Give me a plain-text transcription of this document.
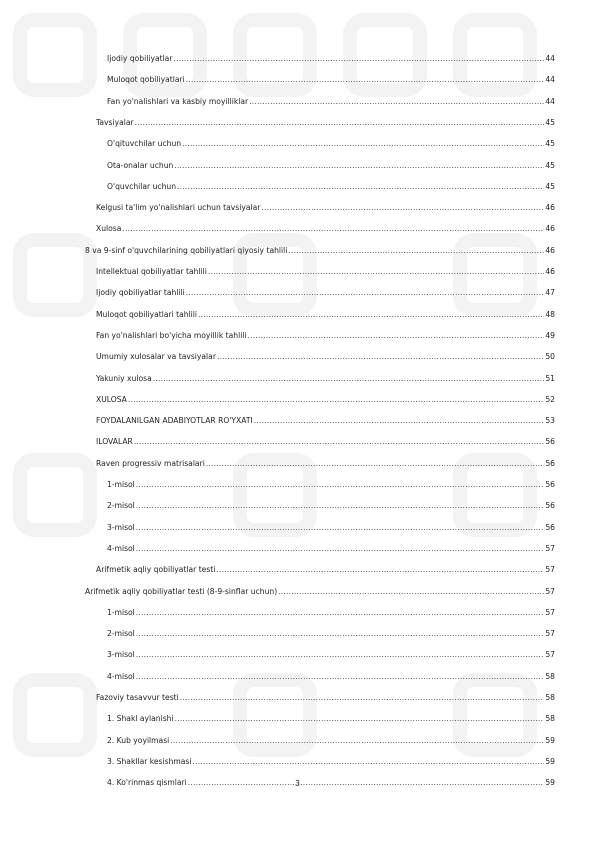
Ijodiy qobiliyatlar .....	44
Muloqot qobiliyatlari .....	44
Fan yo'nalishlari va kasbiy moyilliklar .....	44
Tavsiyalar .....	45
O'qituvchilar uchun .....	45
Ota-onalar uchun .....	45
O'quvchilar uchun .....	45
Kelgusi ta'lim yo'nalishlari uchun tavsiyalar .....	46
Xulosa .....	46
8 va 9-sinf o'quvchilarining qobiliyatlari qiyosiy tahlili .....	46
Intellektual qobiliyatlar tahlili .....	46
Ijodiy qobiliyatlar tahlili .....	47
Muloqot qobiliyatlari tahlili .....	48
Fan yo'nalishlari bo'yicha moyillik tahlili .....	49
Umumiy xulosalar va tavsiyalar .....	50
Yakuniy xulosa .....	51
XULOSA .....	52
FOYDALANILGAN ADABIYOTLAR RO'YXATI .....	53
ILOVALAR .....	56
Raven progressiv matrisalari .....	56
1-misol .....	56
2-misol .....	56
3-misol .....	56
4-misol .....	57
Arifmetik aqliy qobiliyatlar testi .....	57
Arifmetik aqliy qobiliyatlar testi (8-9-sinflar uchun) .....	57
1-misol .....	57
2-misol .....	57
3-misol .....	57
4-misol .....	58
Fazoviy tasavvur testi .....	58
1. Shakl aylanishi .....	58
2. Kub yoyilmasi .....	59
3. Shakllar kesishmasi .....	59
4. Ko'rinmas qismlari .....	59
3
